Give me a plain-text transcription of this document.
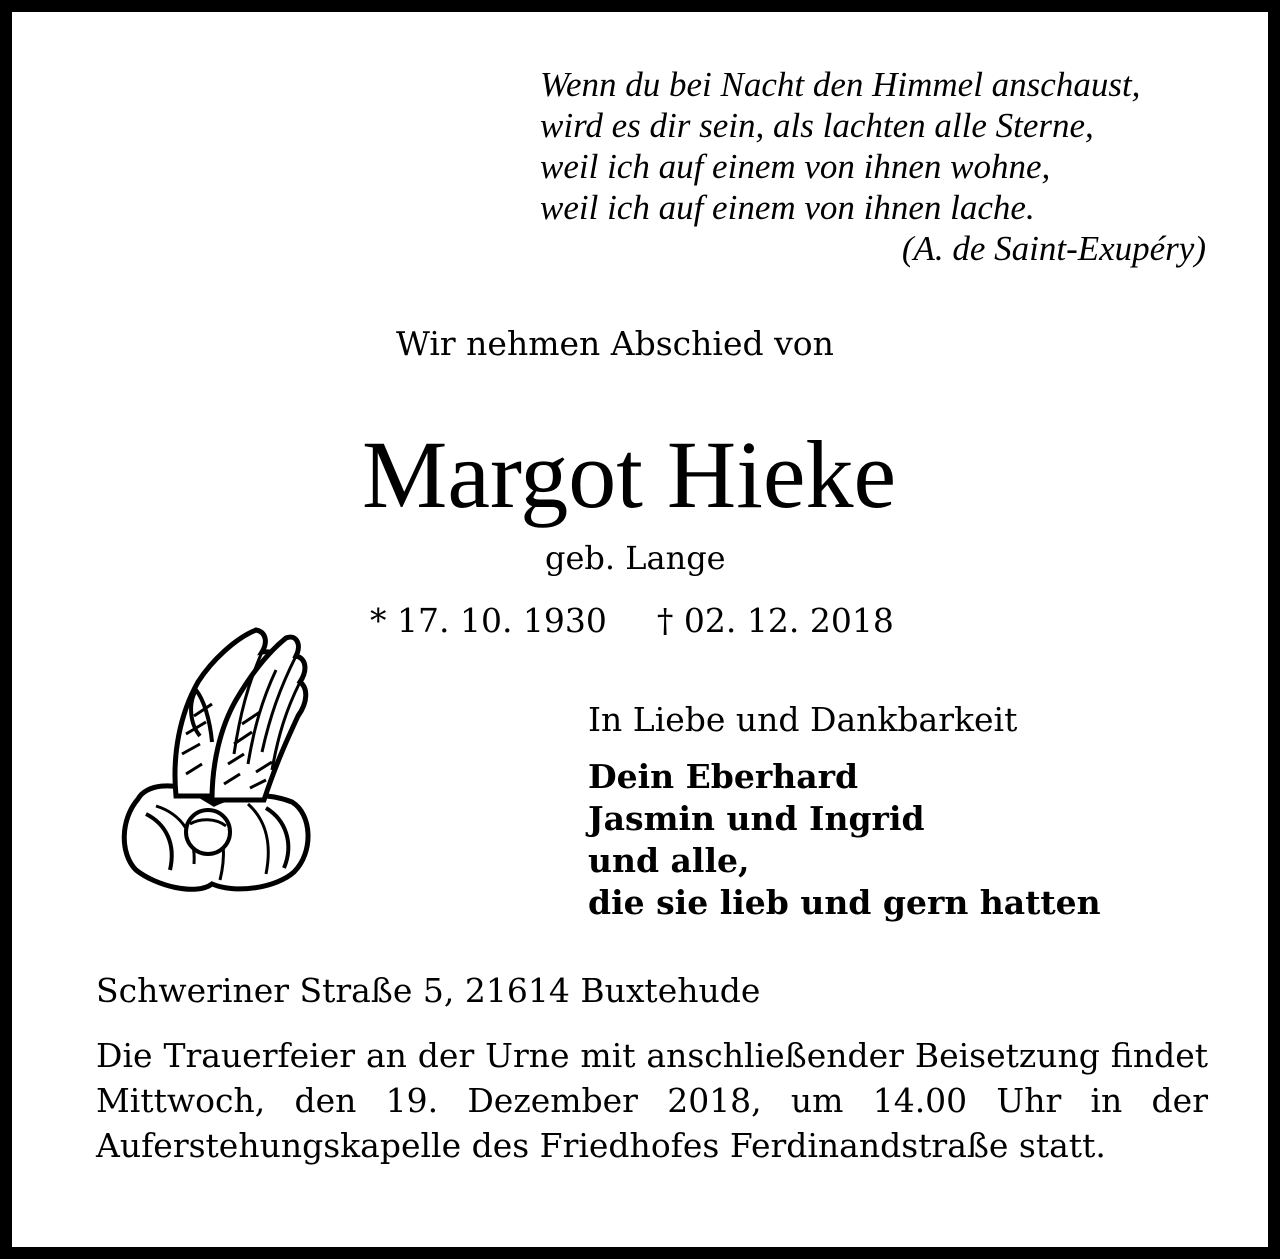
Wenn du bei Nacht den Himmel anschaust,
wird es dir sein, als lachten alle Sterne,
weil ich auf einem von ihnen wohne,
weil ich auf einem von ihnen lache.
(A. de Saint-Exupéry)
Wir nehmen Abschied von
Margot Hieke
geb. Lange
* 17. 10. 1930 † 02. 12. 2018
In Liebe und Dankbarkeit
Dein Eberhard
Jasmin und Ingrid
und alle,
die sie lieb und gern hatten
Schweriner Straße 5, 21614 Buxtehude
Die Trauerfeier an der Urne mit anschließender Beisetzung findet Mittwoch, den 19. Dezember 2018, um 14.00 Uhr in der Auferstehungskapelle des Friedhofes Ferdinandstraße statt.
